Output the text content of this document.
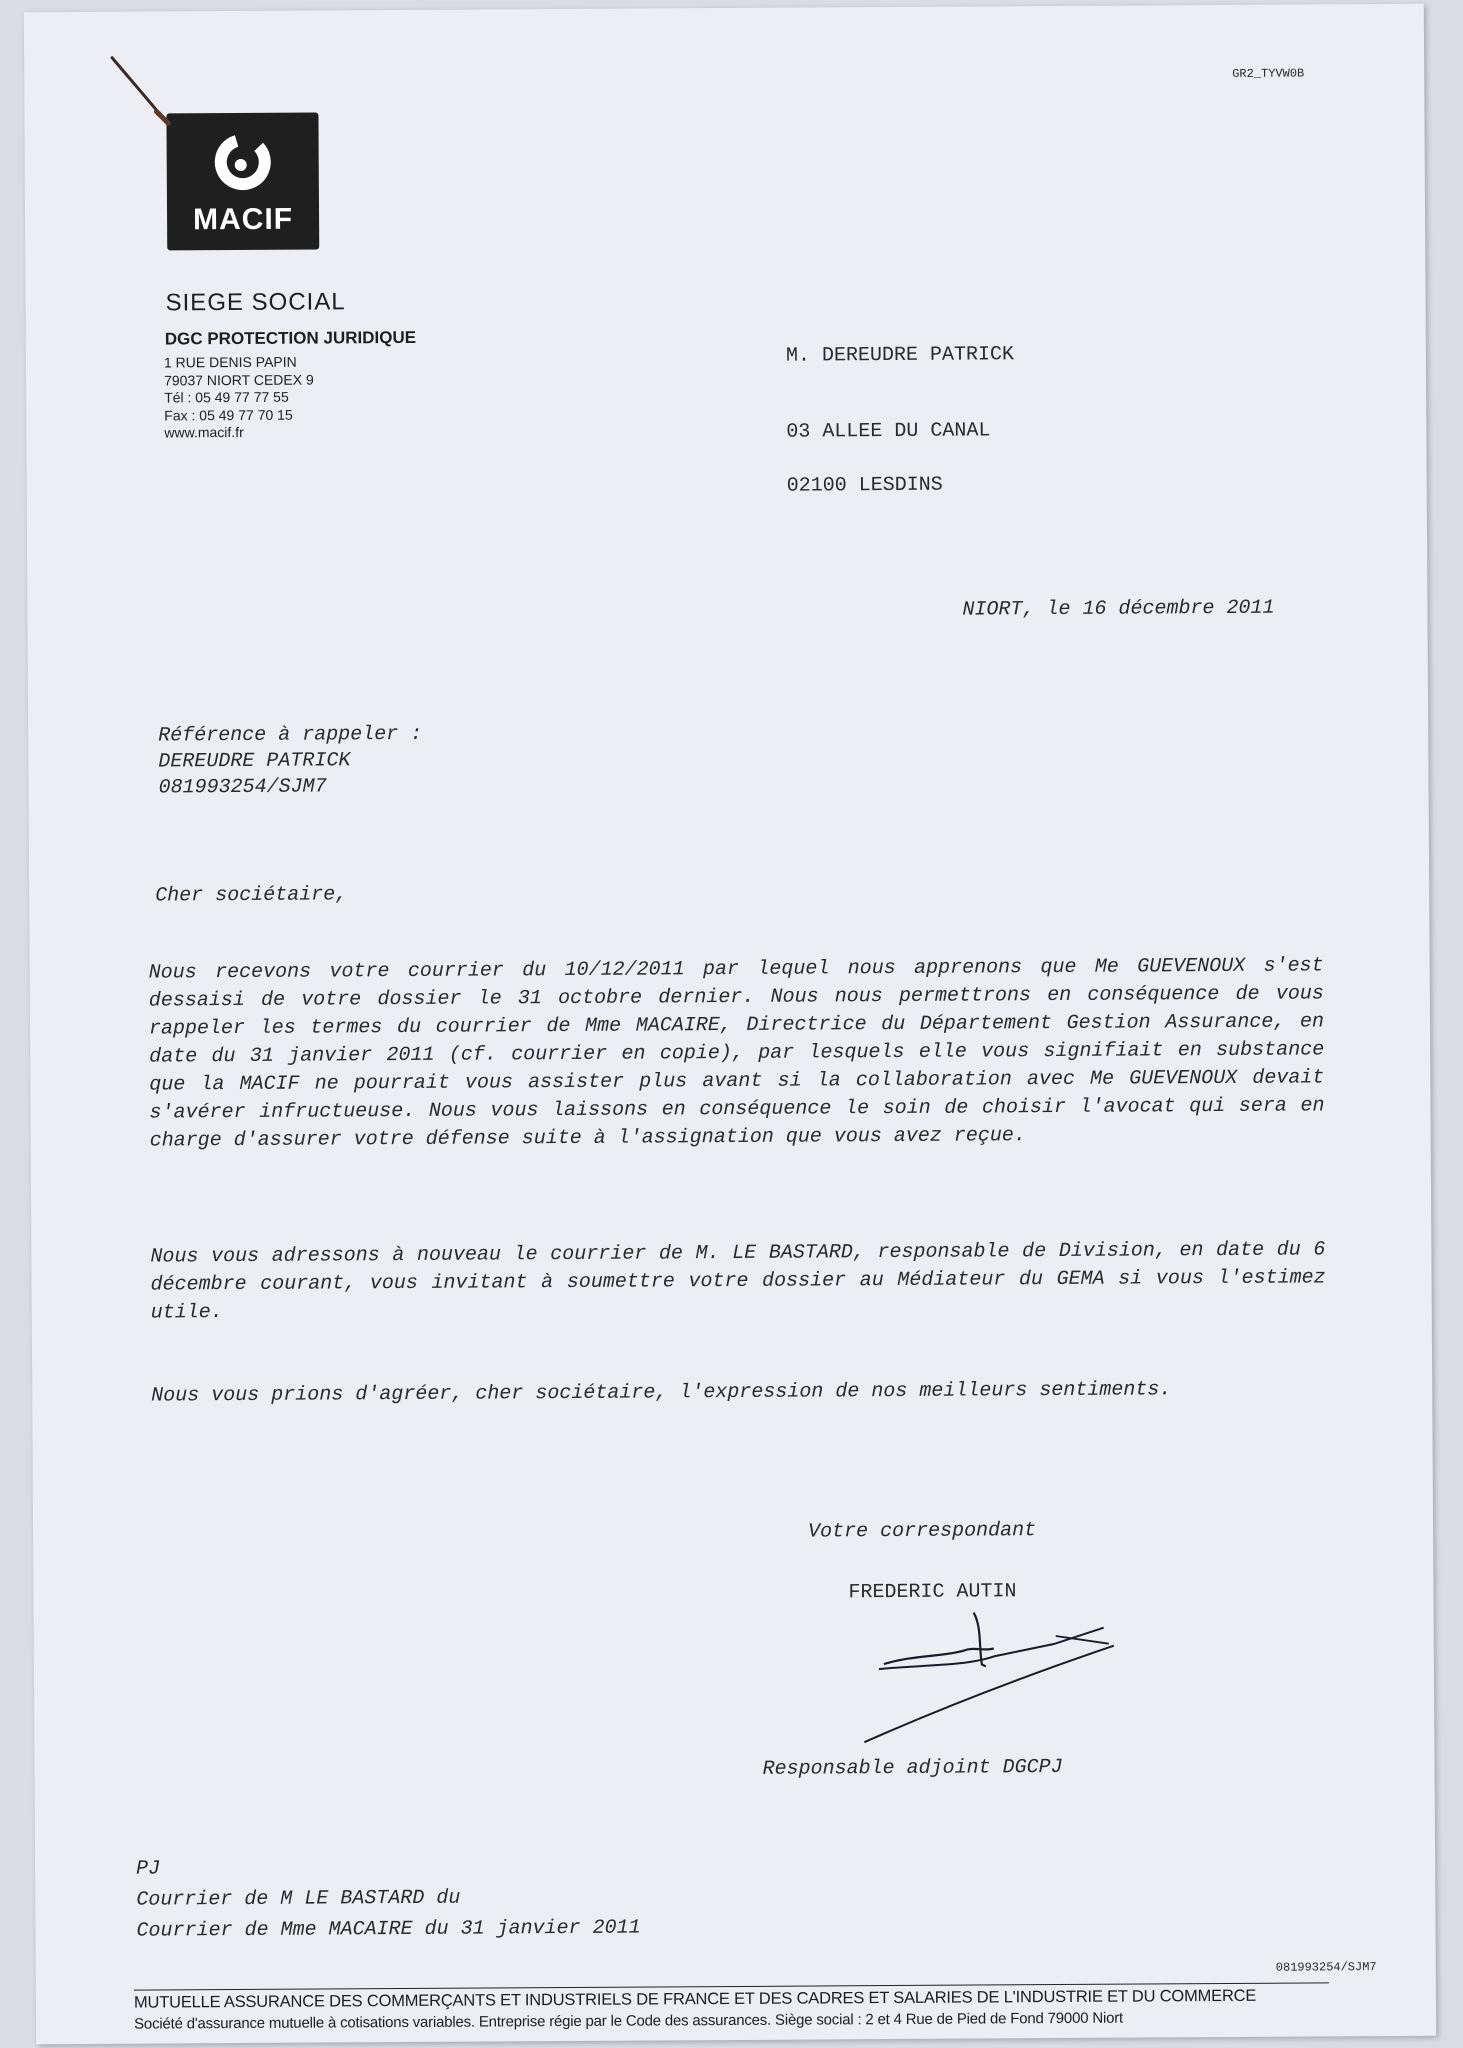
GR2_TYVW0B
MACIF
SIEGE SOCIAL
DGC PROTECTION JURIDIQUE
1 RUE DENIS PAPIN
79037 NIORT CEDEX 9
Tél : 05 49 77 77 55
Fax : 05 49 77 70 15
www.macif.fr
M. DEREUDRE PATRICK
03 ALLEE DU CANAL
02100 LESDINS
NIORT, le 16 décembre 2011
Référence à rappeler :
DEREUDRE PATRICK
081993254/SJM7
Cher sociétaire,
Nous recevons votre courrier du 10/12/2011 par lequel nous apprenons que Me GUEVENOUX s'est dessaisi de votre dossier le 31 octobre dernier. Nous nous permettrons en conséquence de vous rappeler les termes du courrier de Mme MACAIRE, Directrice du Département Gestion Assurance, en date du 31 janvier 2011 (cf. courrier en copie), par lesquels elle vous signifiait en substance que la MACIF ne pourrait vous assister plus avant si la collaboration avec Me GUEVENOUX devait s'avérer infructueuse. Nous vous laissons en conséquence le soin de choisir l'avocat qui sera en charge d'assurer votre défense suite à l'assignation que vous avez reçue.
Nous vous adressons à nouveau le courrier de M. LE BASTARD, responsable de Division, en date du 6 décembre courant, vous invitant à soumettre votre dossier au Médiateur du GEMA si vous l'estimez utile.
Nous vous prions d'agréer, cher sociétaire, l'expression de nos meilleurs sentiments.
Votre correspondant
FREDERIC AUTIN
Responsable adjoint DGCPJ
PJ
Courrier de M LE BASTARD du
Courrier de Mme MACAIRE du 31 janvier 2011
081993254/SJM7
MUTUELLE ASSURANCE DES COMMERÇANTS ET INDUSTRIELS DE FRANCE ET DES CADRES ET SALARIES DE L'INDUSTRIE ET DU COMMERCE
Société d'assurance mutuelle à cotisations variables. Entreprise régie par le Code des assurances. Siège social : 2 et 4 Rue de Pied de Fond 79000 Niort
